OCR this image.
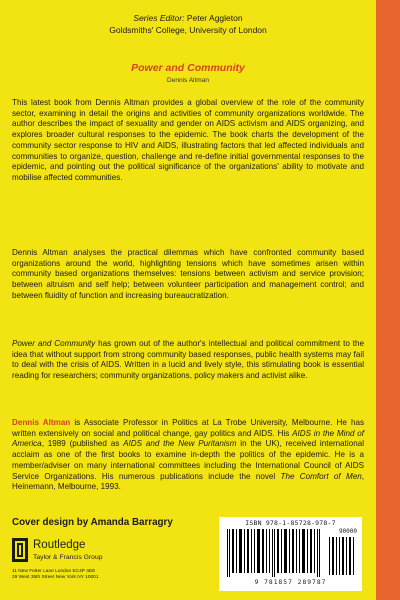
Series Editor: Peter Aggleton
Goldsmiths' College, University of London
Power and Community
Dennis Altman

This latest book from Dennis Altman provides a global overview of the role of the community sector, examining in detail the origins and activities of community organizations worldwide. The author describes the impact of sexuality and gender on AIDS activism and AIDS organizing, and explores broader cultural responses to the epidemic. The book charts the development of the community sector response to HIV and AIDS, illustrating factors that led affected individuals and communities to organize, question, challenge and re-define initial governmental responses to the epidemic, and pointing out the political significance of the organizations' ability to motivate and mobilise affected communities.

Dennis Altman analyses the practical dilemmas which have confronted community based organizations around the world, highlighting tensions which have sometimes arisen within community based organizations themselves: tensions between activism and service provision; between altruism and self help; between volunteer participation and management control; and between fluidity of function and increasing bureaucratization.

Power and Community has grown out of the author's intellectual and political commitment to the idea that without support from strong community based responses, public health systems may fail to deal with the crisis of AIDS. Written in a lucid and lively style, this stimulating book is essential reading for researchers; community organizations, policy makers and activist alike.

Dennis Altman is Associate Professor in Politics at La Trobe University, Melbourne. He has written extensively on social and political change, gay politics and AIDS. His AIDS in the Mind of America, 1989 (published as AIDS and the New Puritanism in the UK), received international acclaim as one of the first books to examine in-depth the politics of the epidemic. He is a member/adviser on many international committees including the International Council of AIDS Service Organizations. His numerous publications include the novel The Comfort of Men, Heinemann, Melbourne, 1993.

Cover design by Amanda Barragry
Routledge
Taylor & Francis Group
11 New Fetter Lane London EC4P 4EE
29 West 35th Street New York NY 10001
ISBN 978-1-85728-978-7
90000
9 781857 289787
